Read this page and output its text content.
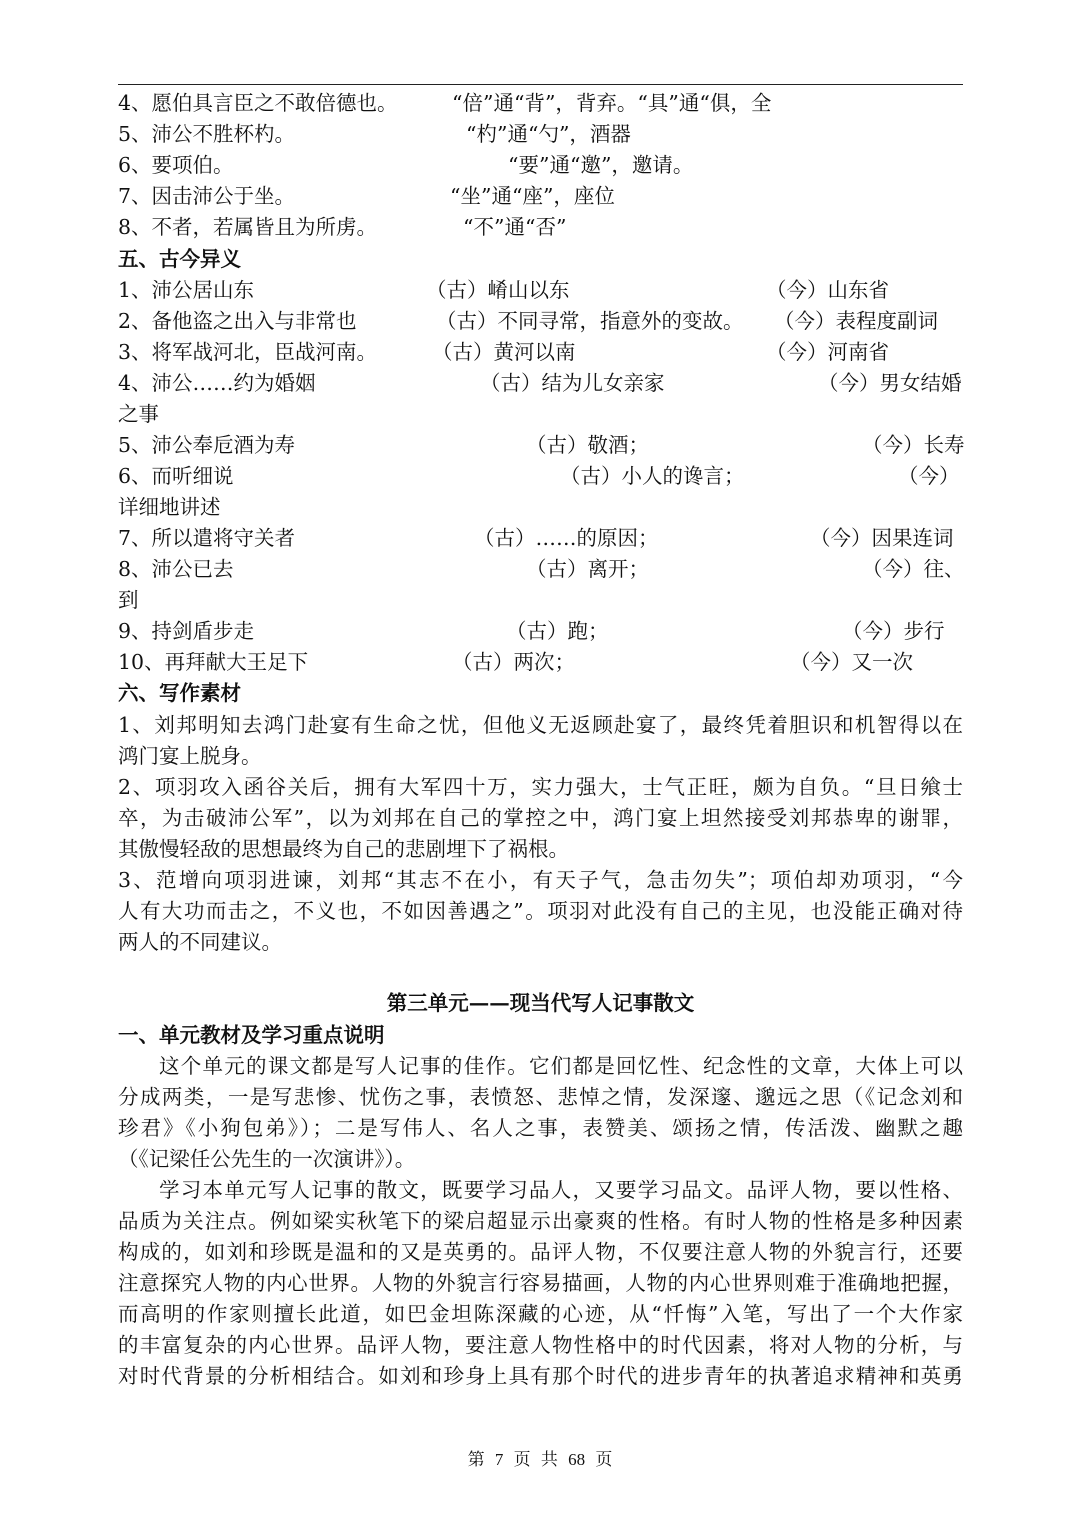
4、愿伯具言臣之不敢倍德也。	“倍”通“背”，背弃。“具”通“俱，全
5、沛公不胜杯杓。	“杓”通“勺”，酒器
6、要项伯。	“要”通“邀”，邀请。
7、因击沛公于坐。	“坐”通“座”，座位
8、不者，若属皆且为所虏。	“不”通“否”
五、古今异义
1、沛公居山东	（古）崤山以东	（今）山东省
2、备他盗之出入与非常也	（古）不同寻常，指意外的变故。 （今）表程度副词
3、将军战河北，臣战河南。	（古）黄河以南	（今）河南省
4、沛公……约为婚姻	（古）结为儿女亲家	（今）男女结婚
之事
5、沛公奉卮酒为寿	（古）敬酒；	（今）长寿
6、而听细说	（古）小人的谗言；	（今）
详细地讲述
7、所以遣将守关者	（古）……的原因；	（今）因果连词
8、沛公已去	（古）离开；	（今）往、
到
9、持剑盾步走	（古）跑；	（今）步行
10、再拜献大王足下	（古）两次；	（今）又一次
六、写作素材
1、刘邦明知去鸿门赴宴有生命之忧，但他义无返顾赴宴了，最终凭着胆识和机智得以在
鸿门宴上脱身。
2、项羽攻入函谷关后，拥有大军四十万，实力强大，士气正旺，颇为自负。“旦日飨士
卒，为击破沛公军”，以为刘邦在自己的掌控之中，鸿门宴上坦然接受刘邦恭卑的谢罪，
其傲慢轻敌的思想最终为自己的悲剧埋下了祸根。
3、范增向项羽进谏，刘邦“其志不在小，有天子气，急击勿失”；项伯却劝项羽，“今
人有大功而击之，不义也，不如因善遇之”。项羽对此没有自己的主见，也没能正确对待
两人的不同建议。
第三单元——现当代写人记事散文
一、单元教材及学习重点说明
这个单元的课文都是写人记事的佳作。它们都是回忆性、纪念性的文章，大体上可以
分成两类，一是写悲惨、忧伤之事，表愤怒、悲悼之情，发深邃、邈远之思（《记念刘和
珍君》《小狗包弟》）；二是写伟人、名人之事，表赞美、颂扬之情，传活泼、幽默之趣
（《记梁任公先生的一次演讲》）。
学习本单元写人记事的散文，既要学习品人，又要学习品文。品评人物，要以性格、
品质为关注点。例如梁实秋笔下的梁启超显示出豪爽的性格。有时人物的性格是多种因素
构成的，如刘和珍既是温和的又是英勇的。品评人物，不仅要注意人物的外貌言行，还要
注意探究人物的内心世界。人物的外貌言行容易描画，人物的内心世界则难于准确地把握，
而高明的作家则擅长此道，如巴金坦陈深藏的心迹，从“忏悔”入笔，写出了一个大作家
的丰富复杂的内心世界。品评人物，要注意人物性格中的时代因素，将对人物的分析，与
对时代背景的分析相结合。如刘和珍身上具有那个时代的进步青年的执著追求精神和英勇
第 7 页 共 68 页
